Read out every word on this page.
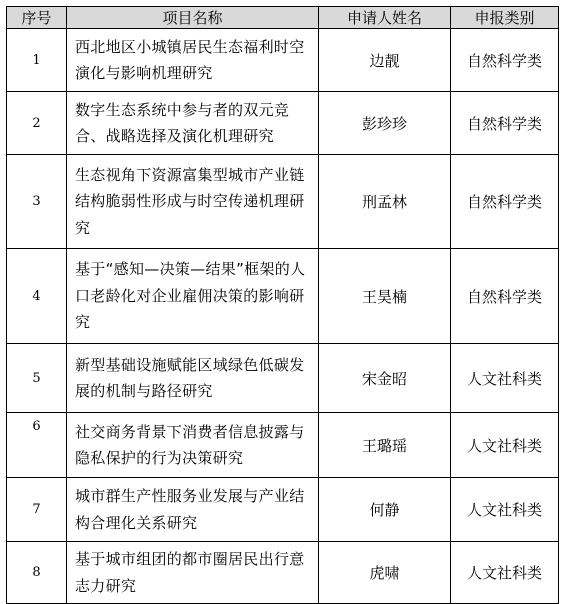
序号	项目名称	申请人姓名	申报类别
1	西北地区小城镇居民生态福利时空演化与影响机理研究	边靓	自然科学类
2	数字生态系统中参与者的双元竞合、战略选择及演化机理研究	彭珍珍	自然科学类
3	生态视角下资源富集型城市产业链结构脆弱性形成与时空传递机理研究	刑孟林	自然科学类
4	基于“感知—决策—结果”框架的人口老龄化对企业雇佣决策的影响研究	王昊楠	自然科学类
5	新型基础设施赋能区域绿色低碳发展的机制与路径研究	宋金昭	人文社科类
6	社交商务背景下消费者信息披露与隐私保护的行为决策研究	王璐瑶	人文社科类
7	城市群生产性服务业发展与产业结构合理化关系研究	何静	人文社科类
8	基于城市组团的都市圈居民出行意志力研究	虎啸	人文社科类
